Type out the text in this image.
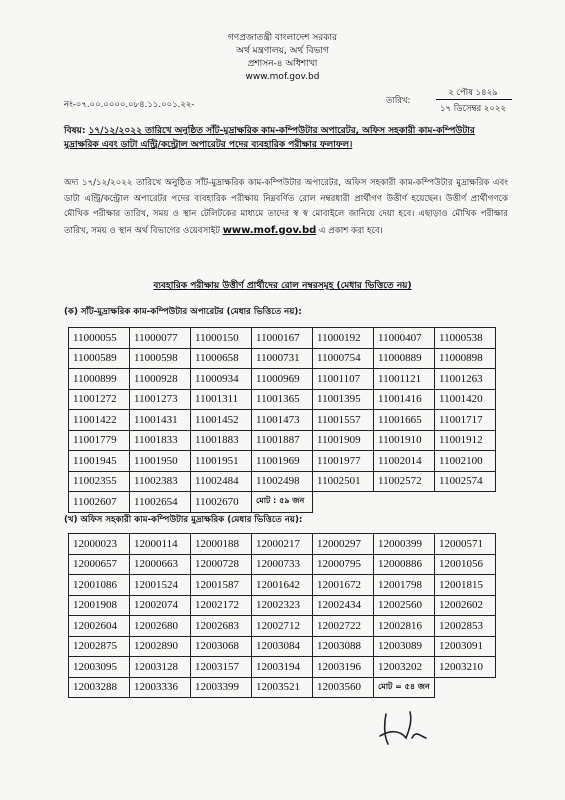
গণপ্রজাতন্ত্রী বাংলাদেশ সরকার
অর্থ মন্ত্রণালয়, অর্থ বিভাগ
প্রশাসন-৪ অধিশাখা
www.mof.gov.bd
নং-০৭.০০.০০০০.০৮৪.১১.০০১.২২-	তারিখ:
২ পৌষ ১৪২৯
১৭ ডিসেম্বর ২০২২
বিষয়: ১৭/১২/২০২২ তারিখে অনুষ্ঠিত সাঁট-মুদ্রাক্ষরিক কাম-কম্পিউটার অপারেটর, অফিস সহকারী কাম-কম্পিউটার মুদ্রাক্ষরিক এবং ডাটা এন্ট্রি/কন্ট্রোল অপারেটর পদের ব্যবহারিক পরীক্ষার ফলাফল।
অদ্য ১৭/১২/২০২২ তারিখে অনুষ্ঠিত সাঁট-মুদ্রাক্ষরিক কাম-কম্পিউটার অপারেটর, অফিস সহকারী কাম-কম্পিউটার মুদ্রাক্ষরিক এবং ডাটা এন্ট্রি/কন্ট্রোল অপারেটর পদের ব্যবহারিক পরীক্ষায় নিম্নবর্ণিত রোল নম্বরধারী প্রার্থীগণ উত্তীর্ণ হয়েছেন। উত্তীর্ণ প্রার্থীগণকে মৌখিক পরীক্ষার তারিখ, সময় ও স্থান টেলিটকের মাধ্যমে তাদের স্ব স্ব মোবাইলে জানিয়ে দেয়া হবে। এছাড়াও মৌখিক পরীক্ষার তারিখ, সময় ও স্থান অর্থ বিভাগের ওয়েবসাইট www.mof.gov.bd এ প্রকাশ করা হবে।
ব্যবহারিক পরীক্ষায় উত্তীর্ণ প্রার্থীদের রোল নম্বরসমূহ (মেধার ভিত্তিতে নয়)
(ক) সাঁট-মুদ্রাক্ষরিক কাম-কম্পিউটার অপারেটর (মেধার ভিত্তিতে নয়):
11000055	11000077	11000150	11000167	11000192	11000407	11000538
11000589	11000598	11000658	11000731	11000754	11000889	11000898
11000899	11000928	11000934	11000969	11001107	11001121	11001263
11001272	11001273	11001311	11001365	11001395	11001416	11001420
11001422	11001431	11001452	11001473	11001557	11001665	11001717
11001779	11001833	11001883	11001887	11001909	11001910	11001912
11001945	11001950	11001951	11001969	11001977	11002014	11002100
11002355	11002383	11002484	11002498	11002501	11002572	11002574
11002607	11002654	11002670	মোট : ৫৯ জন			
(খ) অফিস সহকারী কাম-কম্পিউটার মুদ্রাক্ষরিক (মেধার ভিত্তিতে নয়):
12000023	12000114	12000188	12000217	12000297	12000399	12000571
12000657	12000663	12000728	12000733	12000795	12000886	12001056
12001086	12001524	12001587	12001642	12001672	12001798	12001815
12001908	12002074	12002172	12002323	12002434	12002560	12002602
12002604	12002680	12002683	12002712	12002722	12002816	12002853
12002875	12002890	12003068	12003084	12003088	12003089	12003091
12003095	12003128	12003157	12003194	12003196	12003202	12003210
12003288	12003336	12003399	12003521	12003560	মোট = ৫৪ জন	
